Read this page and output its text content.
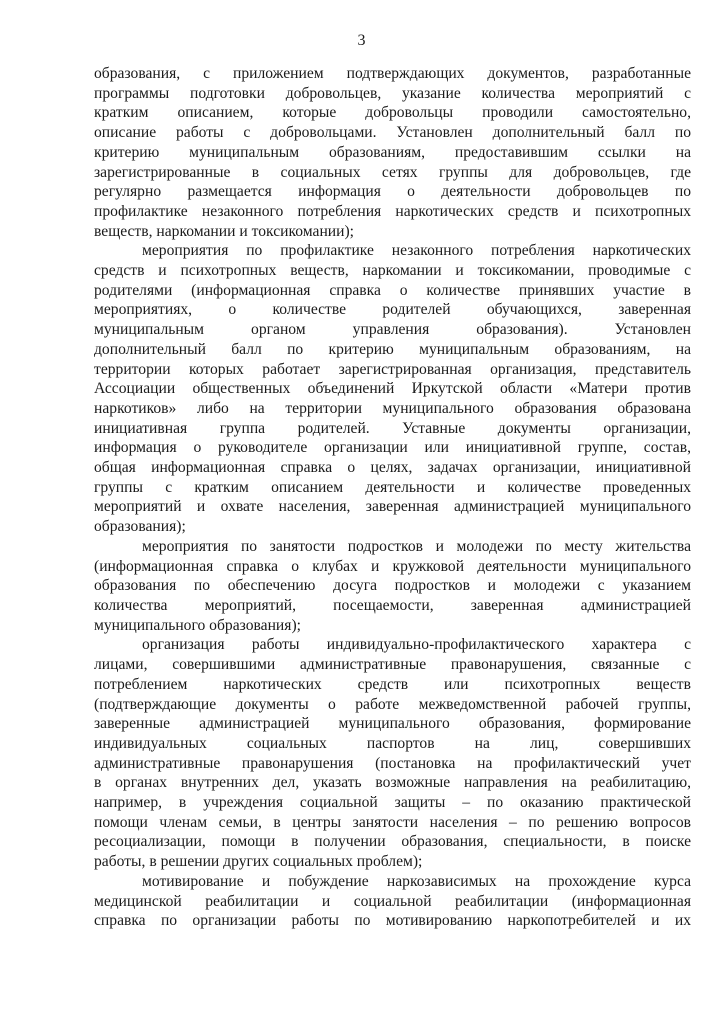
3

образования, с приложением подтверждающих документов, разработанные
программы подготовки добровольцев, указание количества мероприятий с
кратким описанием, которые добровольцы проводили самостоятельно,
описание работы с добровольцами. Установлен дополнительный балл по
критерию муниципальным образованиям, предоставившим ссылки на
зарегистрированные в социальных сетях группы для добровольцев, где
регулярно размещается информация о деятельности добровольцев по
профилактике незаконного потребления наркотических средств и психотропных
веществ, наркомании и токсикомании);

мероприятия по профилактике незаконного потребления наркотических
средств и психотропных веществ, наркомании и токсикомании, проводимые с
родителями (информационная справка о количестве принявших участие в
мероприятиях, о количестве родителей обучающихся, заверенная
муниципальным органом управления образования). Установлен
дополнительный балл по критерию муниципальным образованиям, на
территории которых работает зарегистрированная организация, представитель
Ассоциации общественных объединений Иркутской области «Матери против
наркотиков» либо на территории муниципального образования образована
инициативная группа родителей. Уставные документы организации,
информация о руководителе организации или инициативной группе, состав,
общая информационная справка о целях, задачах организации, инициативной
группы с кратким описанием деятельности и количестве проведенных
мероприятий и охвате населения, заверенная администрацией муниципального
образования);

мероприятия по занятости подростков и молодежи по месту жительства
(информационная справка о клубах и кружковой деятельности муниципального
образования по обеспечению досуга подростков и молодежи с указанием
количества мероприятий, посещаемости, заверенная администрацией
муниципального образования);

организация работы индивидуально-профилактического характера с
лицами, совершившими административные правонарушения, связанные с
потреблением наркотических средств или психотропных веществ
(подтверждающие документы о работе межведомственной рабочей группы,
заверенные администрацией муниципального образования, формирование
индивидуальных социальных паспортов на лиц, совершивших
административные правонарушения (постановка на профилактический учет
в органах внутренних дел, указать возможные направления на реабилитацию,
например, в учреждения социальной защиты – по оказанию практической
помощи членам семьи, в центры занятости населения – по решению вопросов
ресоциализации, помощи в получении образования, специальности, в поиске
работы, в решении других социальных проблем);

мотивирование и побуждение наркозависимых на прохождение курса
медицинской реабилитации и социальной реабилитации (информационная
справка по организации работы по мотивированию наркопотребителей и их
